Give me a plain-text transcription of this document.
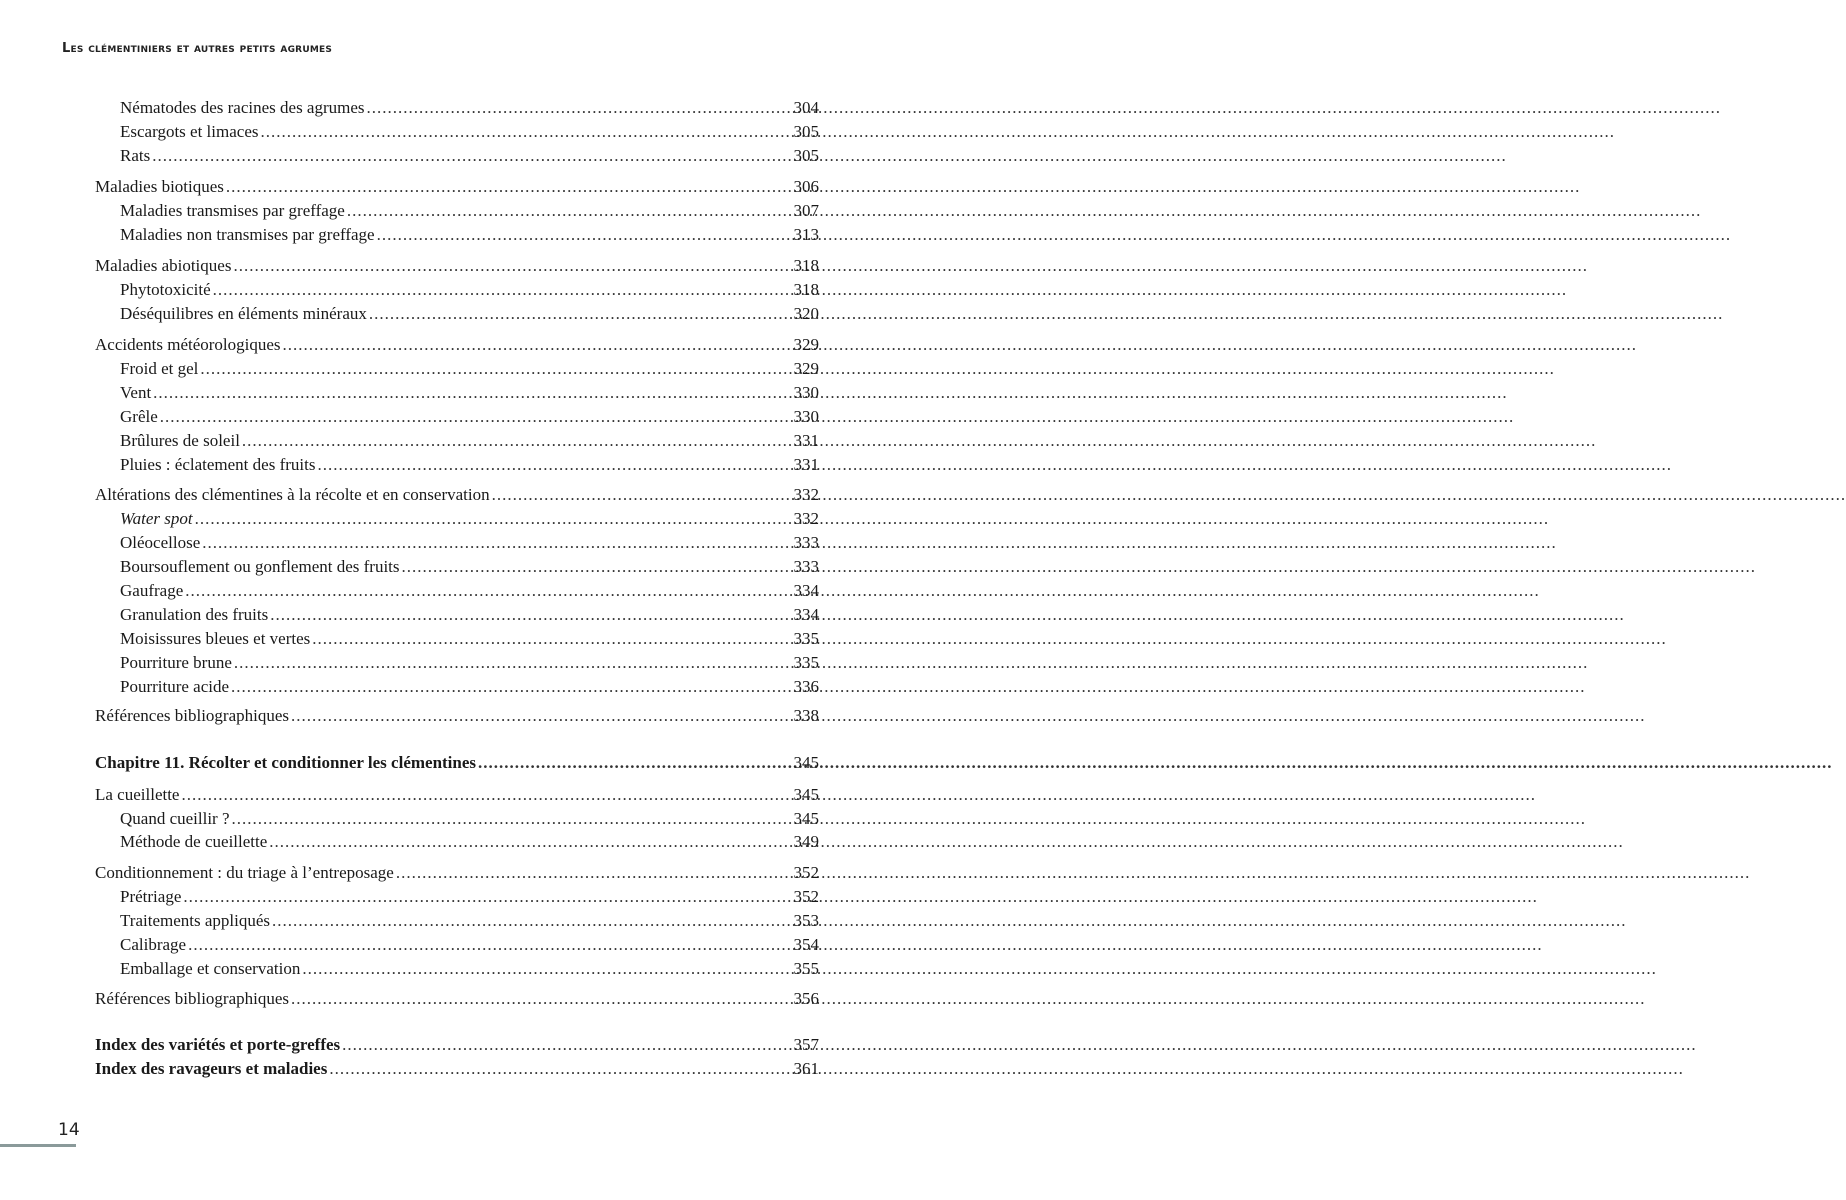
Les clémentiniers et autres petits agrumes
Nématodes des racines des agrumes .....	304
Escargots et limaces .....	305
Rats .....	305
Maladies biotiques .....	306
Maladies transmises par greffage .....	307
Maladies non transmises par greffage .....	313
Maladies abiotiques .....	318
Phytotoxicité .....	318
Déséquilibres en éléments minéraux .....	320
Accidents météorologiques .....	329
Froid et gel .....	329
Vent .....	330
Grêle .....	330
Brûlures de soleil .....	331
Pluies : éclatement des fruits .....	331
Altérations des clémentines à la récolte et en conservation .....	332
Water spot .....	332
Oléocellose .....	333
Boursouflement ou gonflement des fruits .....	333
Gaufrage .....	334
Granulation des fruits .....	334
Moisissures bleues et vertes .....	335
Pourriture brune .....	335
Pourriture acide .....	336
Références bibliographiques .....	338
Chapitre 11. Récolter et conditionner les clémentines .....	345
La cueillette .....	345
Quand cueillir ? .....	345
Méthode de cueillette .....	349
Conditionnement : du triage à l’entreposage .....	352
Prétriage .....	352
Traitements appliqués .....	353
Calibrage .....	354
Emballage et conservation .....	355
Références bibliographiques .....	356
Index des variétés et porte-greffes .....	357
Index des ravageurs et maladies .....	361
14
